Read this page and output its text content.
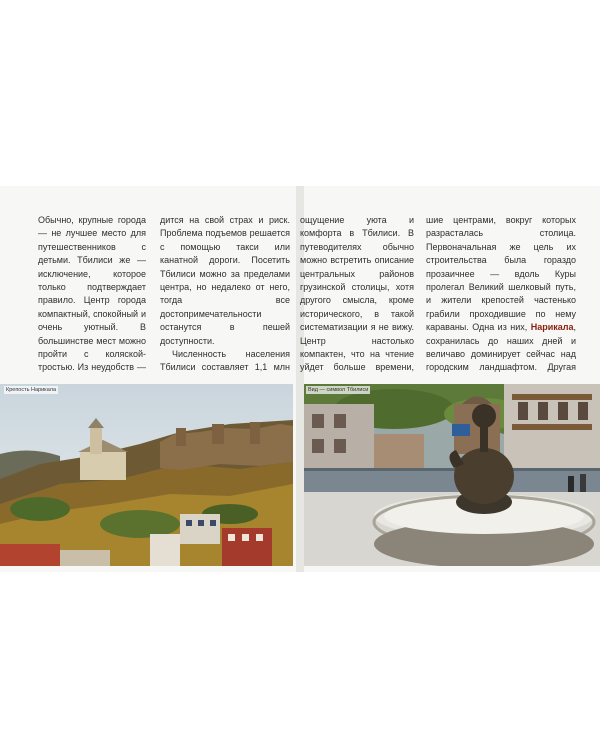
Обычно, крупные города — не лучшее место для путешественников с детьми. Тбилиси же — исключение, которое только подтверждает правило. Центр города компактный, спокойный и очень уютный. В большинстве мест можно пройти с коляской-тростью. Из неудобств —

дится на свой страх и риск. Проблема подъемов решается с помощью такси или канатной дороги. Посетить Тбилиси можно за пределами центра, но недалеко от него, тогда все достопримечательности останутся в пешей доступности.

Численность населения Тбилиси составляет 1,1 млн

ощущение уюта и комфорта в Тбилиси. В путеводителях обычно можно встретить описание центральных районов грузинской столицы, хотя другого смысла, кроме исторического, в такой систематизации я не вижу. Центр настолько компактен, что на чтение уйдет больше времени,

шие центрами, вокруг которых разрасталась столица. Первоначальная же цель их строительства была гораздо прозаичнее — вдоль Куры пролегал Великий шелковый путь, и жители крепостей частенько грабили проходившие по нему караваны. Одна из них, Нарикала, сохранилась до наших дней и величаво доминирует сейчас над городским ландшафтом. Другая

Крепость Нарикала	Вид — символ Тбилиси
